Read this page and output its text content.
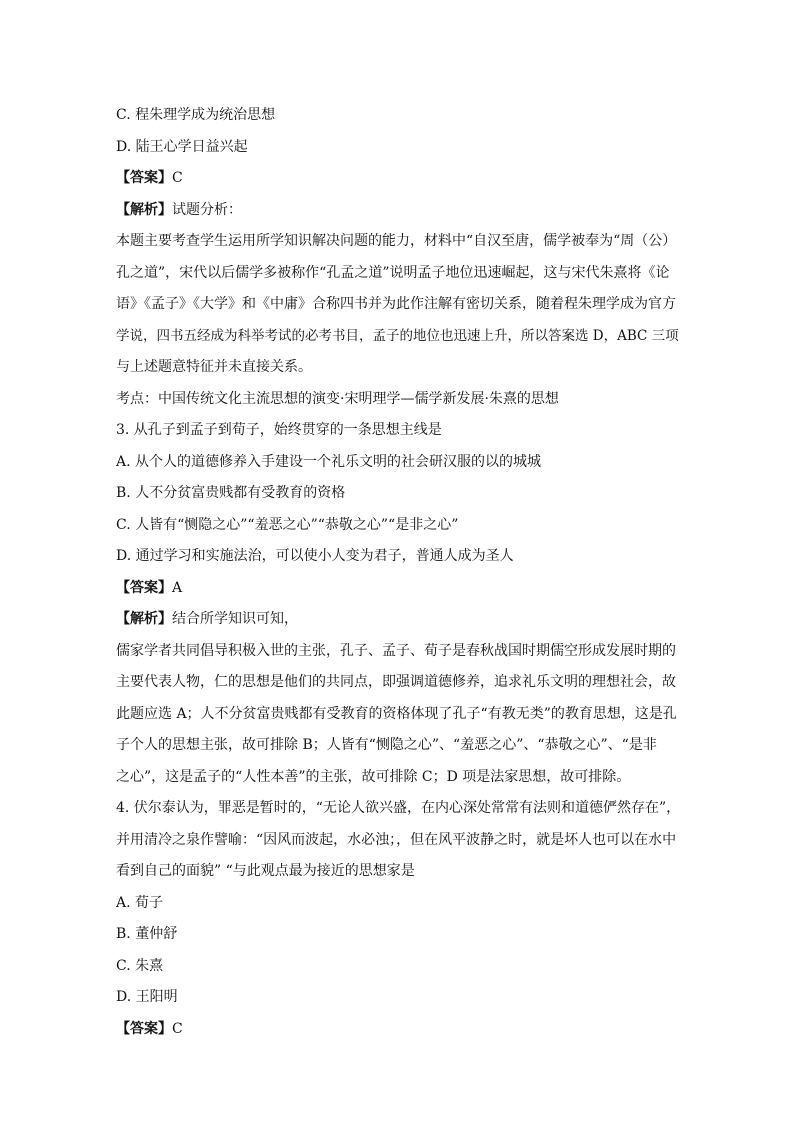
C. 程朱理学成为统治思想
D. 陆王心学日益兴起
【答案】C
【解析】试题分析：
本题主要考查学生运用所学知识解决问题的能力，材料中“自汉至唐，儒学被奉为“周（公）
孔之道”，宋代以后儒学多被称作“孔孟之道”说明孟子地位迅速崛起，这与宋代朱熹将《论
语》《孟子》《大学》和《中庸》合称四书并为此作注解有密切关系，随着程朱理学成为官方
学说，四书五经成为科举考试的必考书目，孟子的地位也迅速上升，所以答案选 D，ABC 三项
与上述题意特征并未直接关系。
考点：中国传统文化主流思想的演变·宋明理学—儒学新发展·朱熹的思想
3. 从孔子到孟子到荀子，始终贯穿的一条思想主线是
A. 从个人的道德修养入手建设一个礼乐文明的社会研汉服的以的城城
B. 人不分贫富贵贱都有受教育的资格
C. 人皆有“恻隐之心”“羞恶之心”“恭敬之心”“是非之心”
D. 通过学习和实施法治，可以使小人变为君子，普通人成为圣人
【答案】A
【解析】结合所学知识可知，
儒家学者共同倡导积极入世的主张，孔子、孟子、荀子是春秋战国时期儒空形成发展时期的
主要代表人物，仁的思想是他们的共同点，即强调道德修养，追求礼乐文明的理想社会，故
此题应选 A；人不分贫富贵贱都有受教育的资格体现了孔子“有教无类”的教育思想，这是孔
子个人的思想主张，故可排除 B；人皆有“恻隐之心”、“羞恶之心”、“恭敬之心”、“是非
之心”，这是孟子的“人性本善”的主张，故可排除 C；D 项是法家思想，故可排除。
4. 伏尔泰认为，罪恶是暂时的，“无论人欲兴盛，在内心深处常常有法则和道德俨然存在”，
并用清冷之泉作譬喻：“因风而波起，水必浊；，但在风平波静之时，就是坏人也可以在水中
看到自己的面貌” “与此观点最为接近的思想家是
A. 荀子
B. 董仲舒
C. 朱熹
D. 王阳明
【答案】C
